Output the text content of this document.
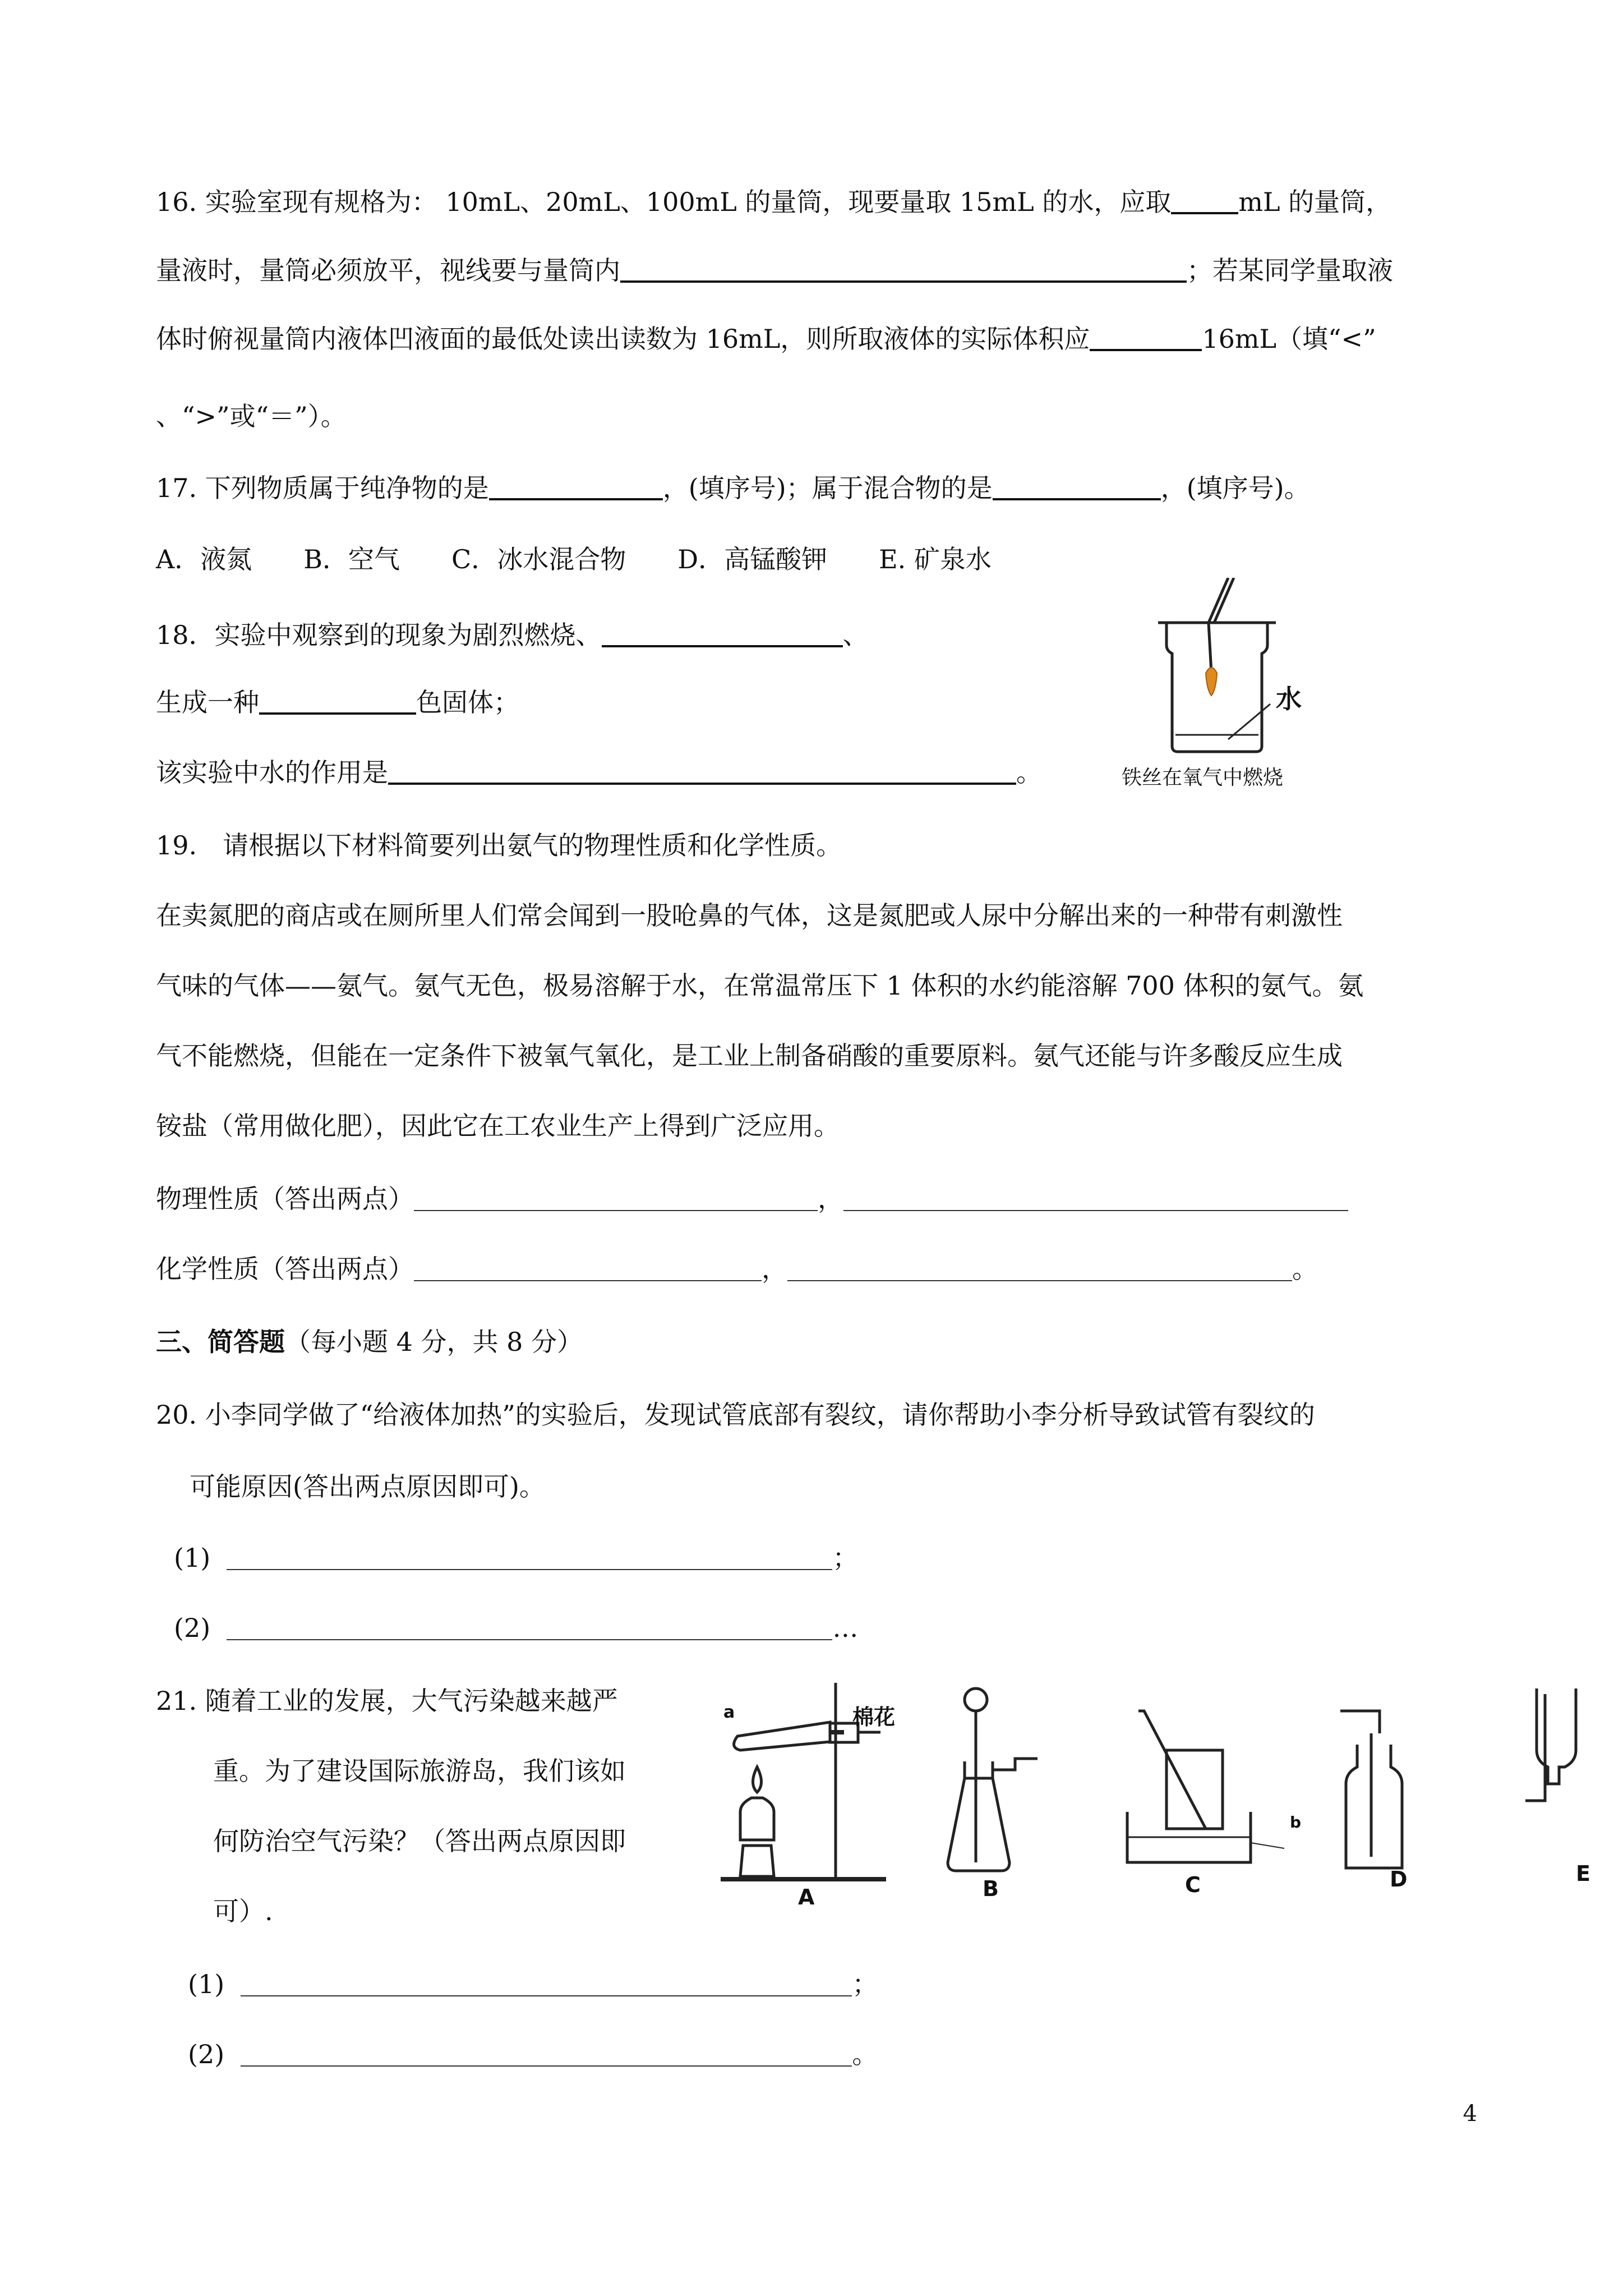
16. 实验室现有规格为： 10mL、20mL、100mL 的量筒，现要量取 15mL 的水，应取	mL 的量筒，
量液时，量筒必须放平，视线要与量筒内	；若某同学量取液
体时俯视量筒内液体凹液面的最低处读出读数为 16mL，则所取液体的实际体积应	16mL（填“<”
、“>”或“＝”）。
17. 下列物质属于纯净物的是	，(填序号)；属于混合物的是	，(填序号)。
A．液氮　　B．空气　　C．冰水混合物　　D．高锰酸钾　　E. 矿泉水
18．实验中观察到的现象为剧烈燃烧、	、
生成一种	色固体；
该实验中水的作用是	。
水
铁丝在氧气中燃烧
19.　请根据以下材料简要列出氨气的物理性质和化学性质。
在卖氮肥的商店或在厕所里人们常会闻到一股呛鼻的气体，这是氮肥或人尿中分解出来的一种带有刺激性
气味的气体——氨气。氨气无色，极易溶解于水，在常温常压下 1 体积的水约能溶解 700 体积的氨气。氨
气不能燃烧，但能在一定条件下被氧气氧化，是工业上制备硝酸的重要原料。氨气还能与许多酸反应生成
铵盐（常用做化肥），因此它在工农业生产上得到广泛应用。
物理性质（答出两点）	，
化学性质（答出两点）	，	。
三、简答题（每小题 4 分，共 8 分）
20. 小李同学做了“给液体加热”的实验后，发现试管底部有裂纹，请你帮助小李分析导致试管有裂纹的
可能原因(答出两点原因即可)。
(1)	；
(2)	…
21. 随着工业的发展，大气污染越来越严
重。为了建设国际旅游岛，我们该如
何防治空气污染？（答出两点原因即
可）.
(1)	；
(2)	。
a	棉花
b
A	B	C	D	E
4
